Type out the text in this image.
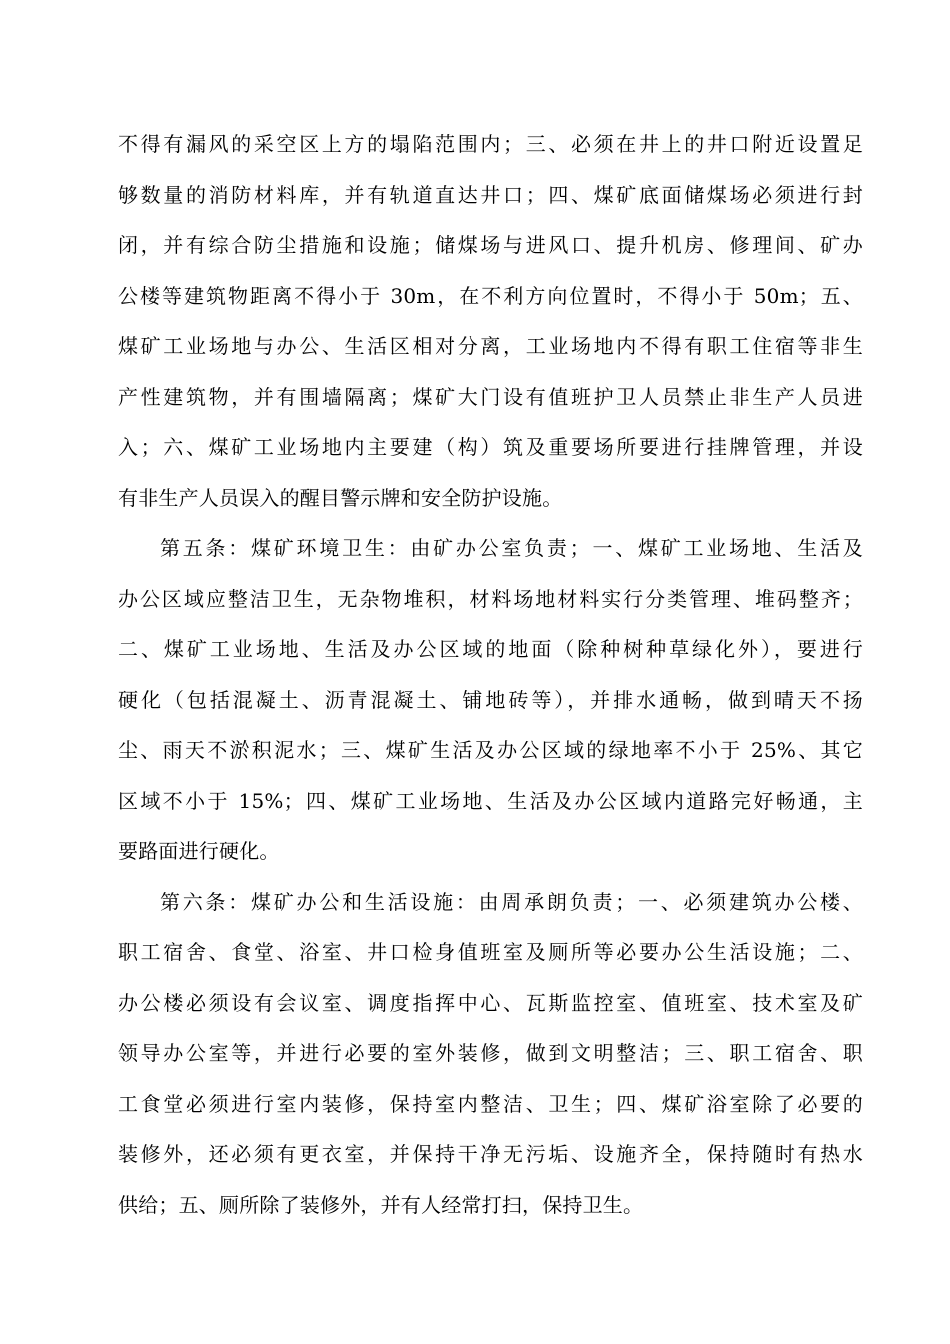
不得有漏风的采空区上方的塌陷范围内；三、必须在井上的井口附近设置足
够数量的消防材料库，并有轨道直达井口；四、煤矿底面储煤场必须进行封
闭，并有综合防尘措施和设施；储煤场与进风口、提升机房、修理间、矿办
公楼等建筑物距离不得小于 30m，在不利方向位置时，不得小于 50m；五、
煤矿工业场地与办公、生活区相对分离，工业场地内不得有职工住宿等非生
产性建筑物，并有围墙隔离；煤矿大门设有值班护卫人员禁止非生产人员进
入；六、煤矿工业场地内主要建（构）筑及重要场所要进行挂牌管理，并设
有非生产人员误入的醒目警示牌和安全防护设施。
第五条：煤矿环境卫生：由矿办公室负责；一、煤矿工业场地、生活及
办公区域应整洁卫生，无杂物堆积，材料场地材料实行分类管理、堆码整齐；
二、煤矿工业场地、生活及办公区域的地面（除种树种草绿化外），要进行
硬化（包括混凝土、沥青混凝土、铺地砖等），并排水通畅，做到晴天不扬
尘、雨天不淤积泥水；三、煤矿生活及办公区域的绿地率不小于 25%、其它
区域不小于 15%；四、煤矿工业场地、生活及办公区域内道路完好畅通，主
要路面进行硬化。
第六条：煤矿办公和生活设施：由周承朗负责；一、必须建筑办公楼、
职工宿舍、食堂、浴室、井口检身值班室及厕所等必要办公生活设施；二、
办公楼必须设有会议室、调度指挥中心、瓦斯监控室、值班室、技术室及矿
领导办公室等，并进行必要的室外装修，做到文明整洁；三、职工宿舍、职
工食堂必须进行室内装修，保持室内整洁、卫生；四、煤矿浴室除了必要的
装修外，还必须有更衣室，并保持干净无污垢、设施齐全，保持随时有热水
供给；五、厕所除了装修外，并有人经常打扫，保持卫生。
